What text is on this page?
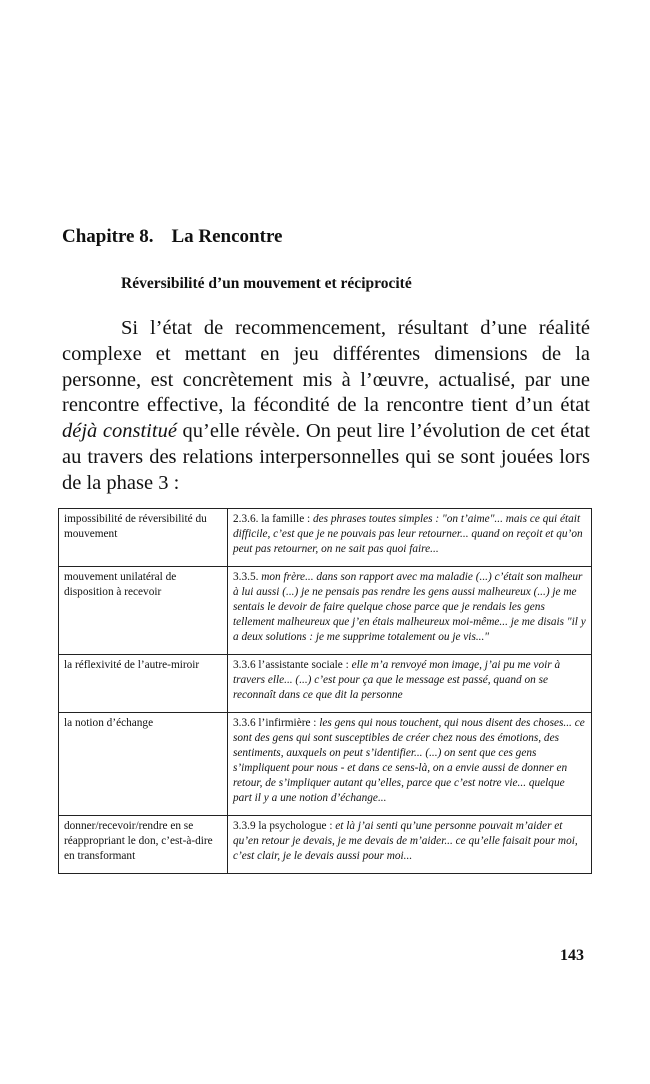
Chapitre 8. La Rencontre
Réversibilité d’un mouvement et réciprocité

Si l’état de recommencement, résultant d’une réalité complexe et mettant en jeu différentes dimensions de la personne, est concrètement mis à l’œuvre, actualisé, par une rencontre effective, la fécondité de la rencontre tient d’un état déjà constitué qu’elle révèle. On peut lire l’évolution de cet état au travers des relations interpersonnelles qui se sont jouées lors de la phase 3 :

impossibilité de réversibilité du mouvement	2.3.6. la famille : des phrases toutes simples : "on t’aime"... mais ce qui était difficile, c’est que je ne pouvais pas leur retourner... quand on reçoit et qu’on peut pas retourner, on ne sait pas quoi faire...
mouvement unilatéral de disposition à recevoir	3.3.5. mon frère... dans son rapport avec ma maladie (...) c’était son malheur à lui aussi (...) je ne pensais pas rendre les gens aussi malheureux (...) je me sentais le devoir de faire quelque chose parce que je rendais les gens tellement malheureux que j’en étais malheureux moi-même... je me disais "il y a deux solutions : je me supprime totalement ou je vis..."
la réflexivité de l’autre-miroir	3.3.6 l’assistante sociale : elle m’a renvoyé mon image, j’ai pu me voir à travers elle... (...) c’est pour ça que le message est passé, quand on se reconnaît dans ce que dit la personne
la notion d’échange	3.3.6 l’infirmière : les gens qui nous touchent, qui nous disent des choses... ce sont des gens qui sont susceptibles de créer chez nous des émotions, des sentiments, auxquels on peut s’identifier... (...) on sent que ces gens s’impliquent pour nous - et dans ce sens-là, on a envie aussi de donner en retour, de s’impliquer autant qu’elles, parce que c’est notre vie... quelque part il y a une notion d’échange...
donner/recevoir/rendre en se réappropriant le don, c’est-à-dire en transformant	3.3.9 la psychologue : et là j’ai senti qu’une personne pouvait m’aider et qu’en retour je devais, je me devais de m’aider... ce qu’elle faisait pour moi, c’est clair, je le devais aussi pour moi...

143
